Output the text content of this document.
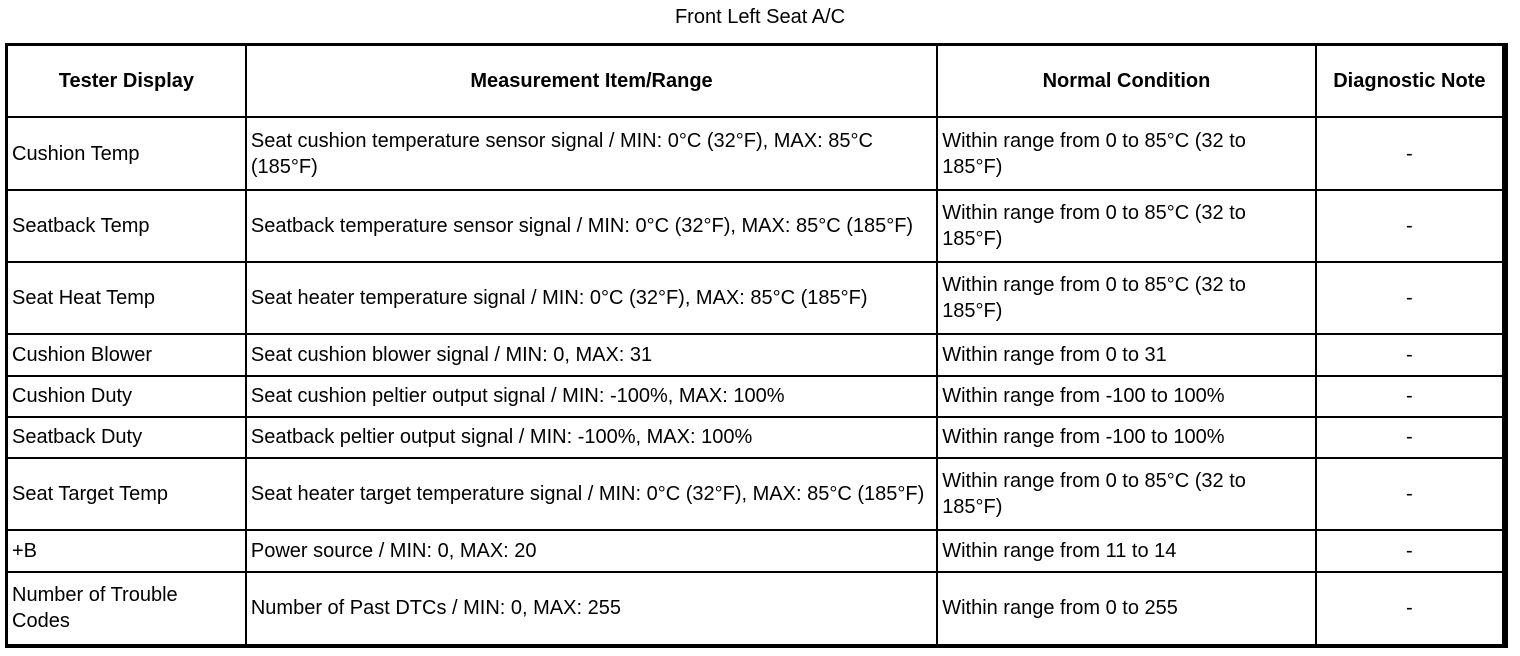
Front Left Seat A/C
Tester Display	Measurement Item/Range	Normal Condition	Diagnostic Note
Cushion Temp	Seat cushion temperature sensor signal / MIN: 0°C (32°F), MAX: 85°C (185°F)	Within range from 0 to 85°C (32 to 185°F)	-
Seatback Temp	Seatback temperature sensor signal / MIN: 0°C (32°F), MAX: 85°C (185°F)	Within range from 0 to 85°C (32 to 185°F)	-
Seat Heat Temp	Seat heater temperature signal / MIN: 0°C (32°F), MAX: 85°C (185°F)	Within range from 0 to 85°C (32 to 185°F)	-
Cushion Blower	Seat cushion blower signal / MIN: 0, MAX: 31	Within range from 0 to 31	-
Cushion Duty	Seat cushion peltier output signal / MIN: -100%, MAX: 100%	Within range from -100 to 100%	-
Seatback Duty	Seatback peltier output signal / MIN: -100%, MAX: 100%	Within range from -100 to 100%	-
Seat Target Temp	Seat heater target temperature signal / MIN: 0°C (32°F), MAX: 85°C (185°F)	Within range from 0 to 85°C (32 to 185°F)	-
+B	Power source / MIN: 0, MAX: 20	Within range from 11 to 14	-
Number of Trouble Codes	Number of Past DTCs / MIN: 0, MAX: 255	Within range from 0 to 255	-
